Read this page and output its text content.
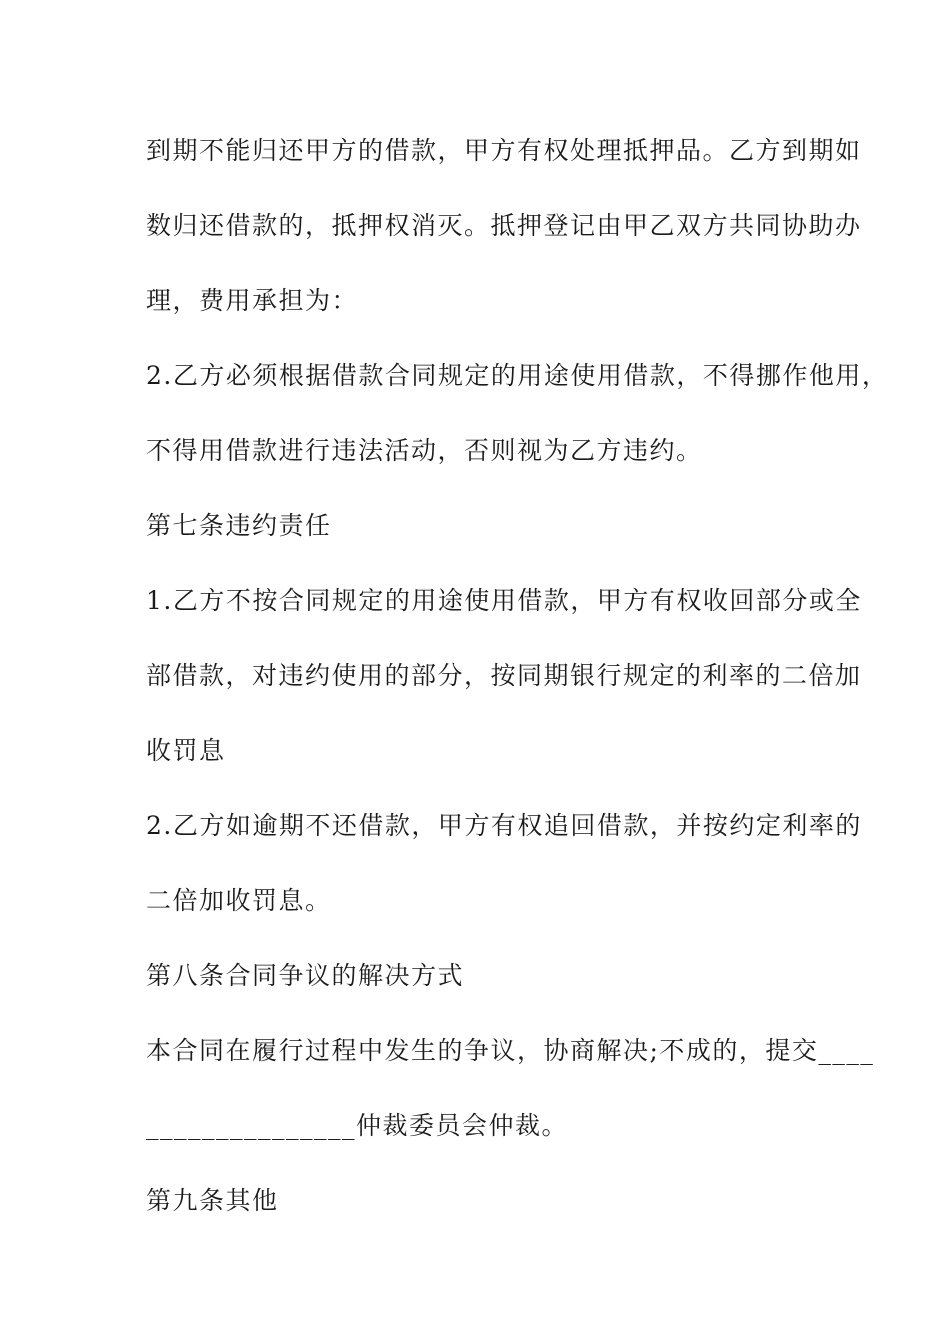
到期不能归还甲方的借款，甲方有权处理抵押品。乙方到期如
数归还借款的，抵押权消灭。抵押登记由甲乙双方共同协助办
理，费用承担为：
2.乙方必须根据借款合同规定的用途使用借款，不得挪作他用，
不得用借款进行违法活动，否则视为乙方违约。
第七条违约责任
1.乙方不按合同规定的用途使用借款，甲方有权收回部分或全
部借款，对违约使用的部分，按同期银行规定的利率的二倍加
收罚息
2.乙方如逾期不还借款，甲方有权追回借款，并按约定利率的
二倍加收罚息。
第八条合同争议的解决方式
本合同在履行过程中发生的争议，协商解决;不成的，提交____
_______________仲裁委员会仲裁。
第九条其他
